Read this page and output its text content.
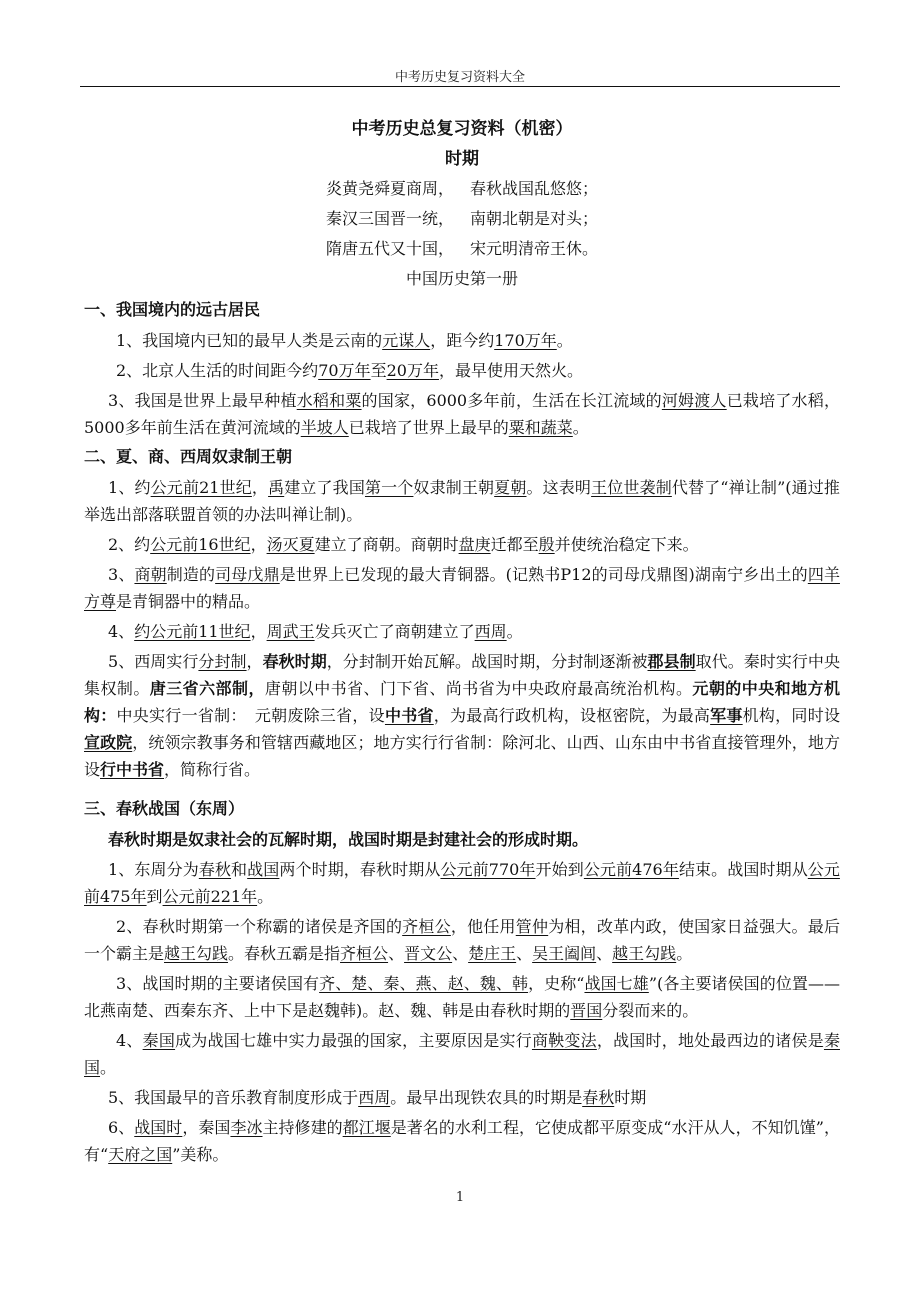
中考历史复习资料大全
中考历史总复习资料（机密）
时期
炎黄尧舜夏商周， 春秋战国乱悠悠；
秦汉三国晋一统， 南朝北朝是对头；
隋唐五代又十国， 宋元明清帝王休。
中国历史第一册
一、我国境内的远古居民

1、我国境内已知的最早人类是云南的元谋人，距今约170万年。

2、北京人生活的时间距今约70万年至20万年，最早使用天然火。

3、我国是世界上最早种植水稻和粟的国家，6000多年前，生活在长江流域的河姆渡人已栽培了水稻，5000多年前生活在黄河流域的半坡人已栽培了世界上最早的粟和蔬菜。

二、夏、商、西周奴隶制王朝

1、约公元前21世纪，禹建立了我国第一个奴隶制王朝夏朝。这表明王位世袭制代替了“禅让制”(通过推举选出部落联盟首领的办法叫禅让制)。

2、约公元前16世纪，汤灭夏建立了商朝。商朝时盘庚迁都至殷并使统治稳定下来。

3、商朝制造的司母戊鼎是世界上已发现的最大青铜器。(记熟书P12的司母戊鼎图)湖南宁乡出土的四羊方尊是青铜器中的精品。

4、约公元前11世纪，周武王发兵灭亡了商朝建立了西周。

5、西周实行分封制，春秋时期，分封制开始瓦解。战国时期，分封制逐渐被郡县制取代。秦时实行中央集权制。唐三省六部制，唐朝以中书省、门下省、尚书省为中央政府最高统治机构。元朝的中央和地方机构：中央实行一省制：　元朝废除三省，设中书省，为最高行政机构，设枢密院，为最高军事机构，同时设宣政院，统领宗教事务和管辖西藏地区；地方实行行省制：除河北、山西、山东由中书省直接管理外，地方设行中书省，简称行省。

三、春秋战国（东周）

春秋时期是奴隶社会的瓦解时期，战国时期是封建社会的形成时期。

1、东周分为春秋和战国两个时期，春秋时期从公元前770年开始到公元前476年结束。战国时期从公元前475年到公元前221年。

2、春秋时期第一个称霸的诸侯是齐国的齐桓公，他任用管仲为相，改革内政，使国家日益强大。最后一个霸主是越王勾践。春秋五霸是指齐桓公、晋文公、楚庄王、吴王阖闾、越王勾践。

3、战国时期的主要诸侯国有齐、楚、秦、燕、赵、魏、韩，史称“战国七雄”(各主要诸侯国的位置——北燕南楚、西秦东齐、上中下是赵魏韩)。赵、魏、韩是由春秋时期的晋国分裂而来的。

4、秦国成为战国七雄中实力最强的国家，主要原因是实行商鞅变法，战国时，地处最西边的诸侯是秦国。

5、我国最早的音乐教育制度形成于西周。最早出现铁农具的时期是春秋时期

6、战国时，秦国李冰主持修建的都江堰是著名的水利工程，它使成都平原变成“水汗从人，不知饥馑”，有“天府之国”美称。

1
